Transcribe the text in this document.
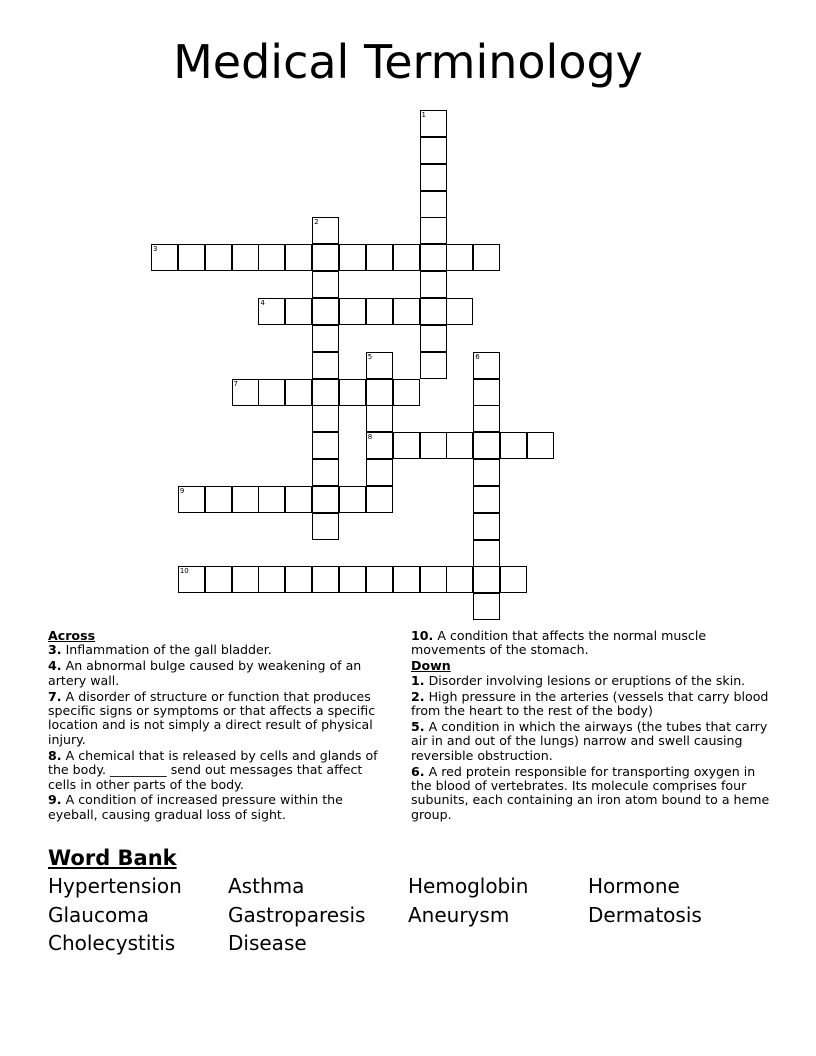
Medical Terminology
1
2
3
4
5
8
6
7
9
10
Across
3. Inflammation of the gall bladder.
4. An abnormal bulge caused by weakening of an artery wall.
7. A disorder of structure or function that produces specific signs or symptoms or that affects a specific location and is not simply a direct result of physical injury.
8. A chemical that is released by cells and glands of the body. _________ send out messages that affect cells in other parts of the body.
9. A condition of increased pressure within the eyeball, causing gradual loss of sight.
10. A condition that affects the normal muscle movements of the stomach.
Down
1. Disorder involving lesions or eruptions of the skin.
2. High pressure in the arteries (vessels that carry blood from the heart to the rest of the body)
5. A condition in which the airways (the tubes that carry air in and out of the lungs) narrow and swell causing reversible obstruction.
6. A red protein responsible for transporting oxygen in the blood of vertebrates. Its molecule comprises four subunits, each containing an iron atom bound to a heme group.
Word Bank
Hypertension Asthma	Hemoglobin	Hormone
Glaucoma	Gastroparesis Aneurysm	Dermatosis
Cholecystitis	Disease
